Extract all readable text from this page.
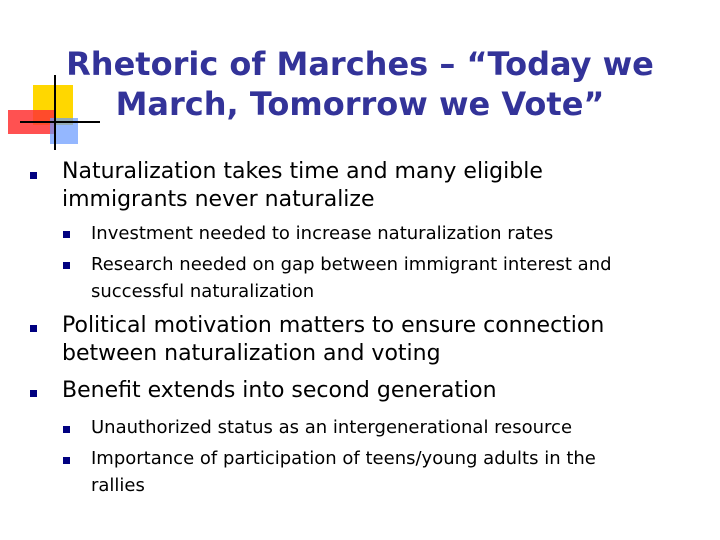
Rhetoric of Marches – “Today we
March, Tomorrow we Vote”
Naturalization takes time and many eligible
immigrants never naturalize
Investment needed to increase naturalization rates
Research needed on gap between immigrant interest and
successful naturalization
Political motivation matters to ensure connection
between naturalization and voting
Benefit extends into second generation
Unauthorized status as an intergenerational resource
Importance of participation of teens/young adults in the
rallies
